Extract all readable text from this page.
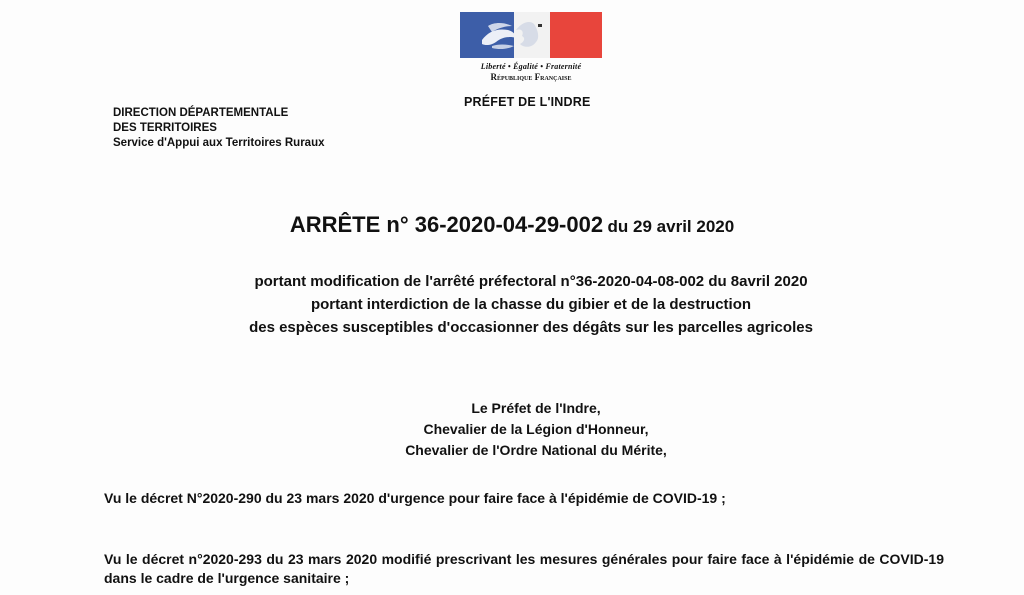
Liberté • Égalité • Fraternité
République Française
PRÉFET DE L'INDRE
DIRECTION DÉPARTEMENTALE
DES TERRITOIRES
Service d'Appui aux Territoires Ruraux
ARRÊTE n° 36-2020-04-29-002 du 29 avril 2020
portant modification de l'arrêté préfectoral n°36-2020-04-08-002 du 8avril 2020
portant interdiction de la chasse du gibier et de la destruction
des espèces susceptibles d'occasionner des dégâts sur les parcelles agricoles
Le Préfet de l'Indre,
Chevalier de la Légion d'Honneur,
Chevalier de l'Ordre National du Mérite,
Vu le décret N°2020-290 du 23 mars 2020 d'urgence pour faire face à l'épidémie de COVID-19 ;
Vu le décret n°2020-293 du 23 mars 2020 modifié prescrivant les mesures générales pour faire face à l'épidémie de COVID-19 dans le cadre de l'urgence sanitaire ;
